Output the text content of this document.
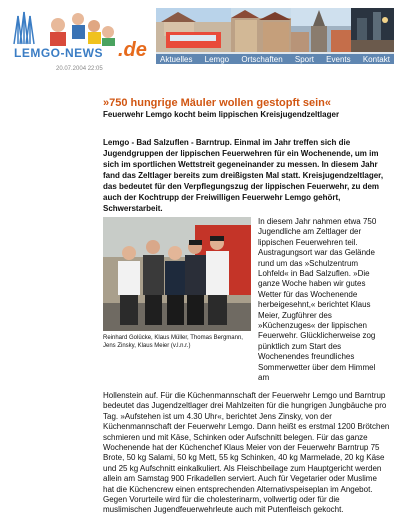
LEMGO-NEWS .de Aktuelles Lemgo Ortschaften Sport Events Kontakt
20.07.2004 22:05
»750 hungrige Mäuler wollen gestopft sein«
Feuerwehr Lemgo kocht beim lippischen Kreisjugendzeltlager

Lemgo - Bad Salzuflen - Barntrup. Einmal im Jahr treffen sich die Jugendgruppen der lippischen Feuerwehren für ein Wochenende, um im sich im sportlichen Wettstreit gegeneinander zu messen. In diesem Jahr fand das Zeltlager bereits zum dreißigsten Mal statt. Kreisjugendzeltlager, das bedeutet für den Verpflegungszug der lippischen Feuerwehr, zu dem auch der Kochtrupp der Freiwilligen Feuerwehr Lemgo gehört, Schwerstarbeit.

Reinhard Golücke, Klaus Müller, Thomas Bergmann, Jens Zinsky, Klaus Meier (v.l.n.r.)

In diesem Jahr nahmen etwa 750 Jugendliche am Zeltlager der lippischen Feuerwehren teil. Austragungsort war das Gelände rund um das »Schulzentrum Lohfeld« in Bad Salzuflen. »Die ganze Woche haben wir gutes Wetter für das Wochenende herbeigesehnt,« berichtet Klaus Meier, Zugführer des »Küchenzuges« der lippischen Feuerwehr. Glücklicherweise zog pünktlich zum Start des Wochenendes freundliches Sommerwetter über dem Himmel am

Hollenstein auf. Für die Küchenmannschaft der Feuerwehr Lemgo und Barntrup bedeutet das Jugendzeltlager drei Mahlzeiten für die hungrigen Jungbäuche pro Tag. »Aufstehen ist um 4.30 Uhr«, berichtet Jens Zinsky, von der Küchenmannschaft der Feuerwehr Lemgo. Dann heißt es erstmal 1200 Brötchen schmieren und mit Käse, Schinken oder Aufschnitt belegen. Für das ganze Wochenende hat der Küchenchef Klaus Meier von der Feuerwehr Barntrup 75 Brote, 50 kg Salami, 50 kg Mett, 55 kg Schinken, 40 kg Marmelade, 20 kg Käse und 25 kg Aufschnitt einkalkuliert. Als Fleischbeilage zum Hauptgericht werden allein am Samstag 900 Frikadellen serviert. Auch für Vegetarier oder Muslime hat die Küchencrew einen entsprechenden Alternativspeiseplan im Angebot. Gegen Vorurteile wird für die cholesterinarm, vollwertig oder für die muslimischen Jugendfeuerwehrleute auch mit Putenfleisch gekocht.
